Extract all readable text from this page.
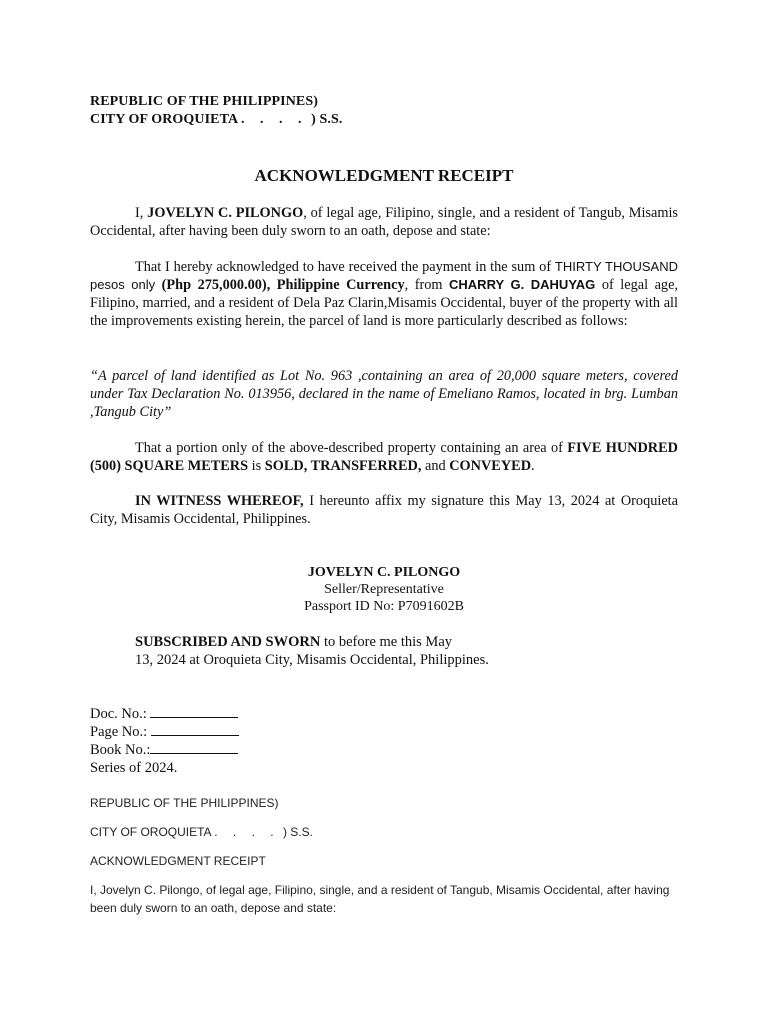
REPUBLIC OF THE PHILIPPINES)
CITY OF OROQUIETA . . . . ) S.S.
ACKNOWLEDGMENT RECEIPT

I, JOVELYN C. PILONGO, of legal age, Filipino, single, and a resident of Tangub, Misamis Occidental, after having been duly sworn to an oath, depose and state:

That I hereby acknowledged to have received the payment in the sum of THIRTY THOUSAND pesos only (Php 275,000.00), Philippine Currency, from CHARRY G. DAHUYAG of legal age, Filipino, married, and a resident of Dela Paz Clarin,Misamis Occidental, buyer of the property with all the improvements existing herein, the parcel of land is more particularly described as follows:

“A parcel of land identified as Lot No. 963 ,containing an area of 20,000 square meters, covered under Tax Declaration No. 013956, declared in the name of Emeliano Ramos, located in brg. Lumban ,Tangub City”

That a portion only of the above-described property containing an area of FIVE HUNDRED (500) SQUARE METERS is SOLD, TRANSFERRED, and CONVEYED.

IN WITNESS WHEREOF, I hereunto affix my signature this May 13, 2024 at Oroquieta City, Misamis Occidental, Philippines.

JOVELYN C. PILONGO
Seller/Representative
Passport ID No: P7091602B
SUBSCRIBED AND SWORN to before me this May
13, 2024 at Oroquieta City, Misamis Occidental, Philippines.
Doc. No.:
Page No.:
Book No.:
Series of 2024.
REPUBLIC OF THE PHILIPPINES)
CITY OF OROQUIETA . . . . ) S.S.
ACKNOWLEDGMENT RECEIPT
I, Jovelyn C. Pilongo, of legal age, Filipino, single, and a resident of Tangub, Misamis Occidental, after having been duly sworn to an oath, depose and state:
